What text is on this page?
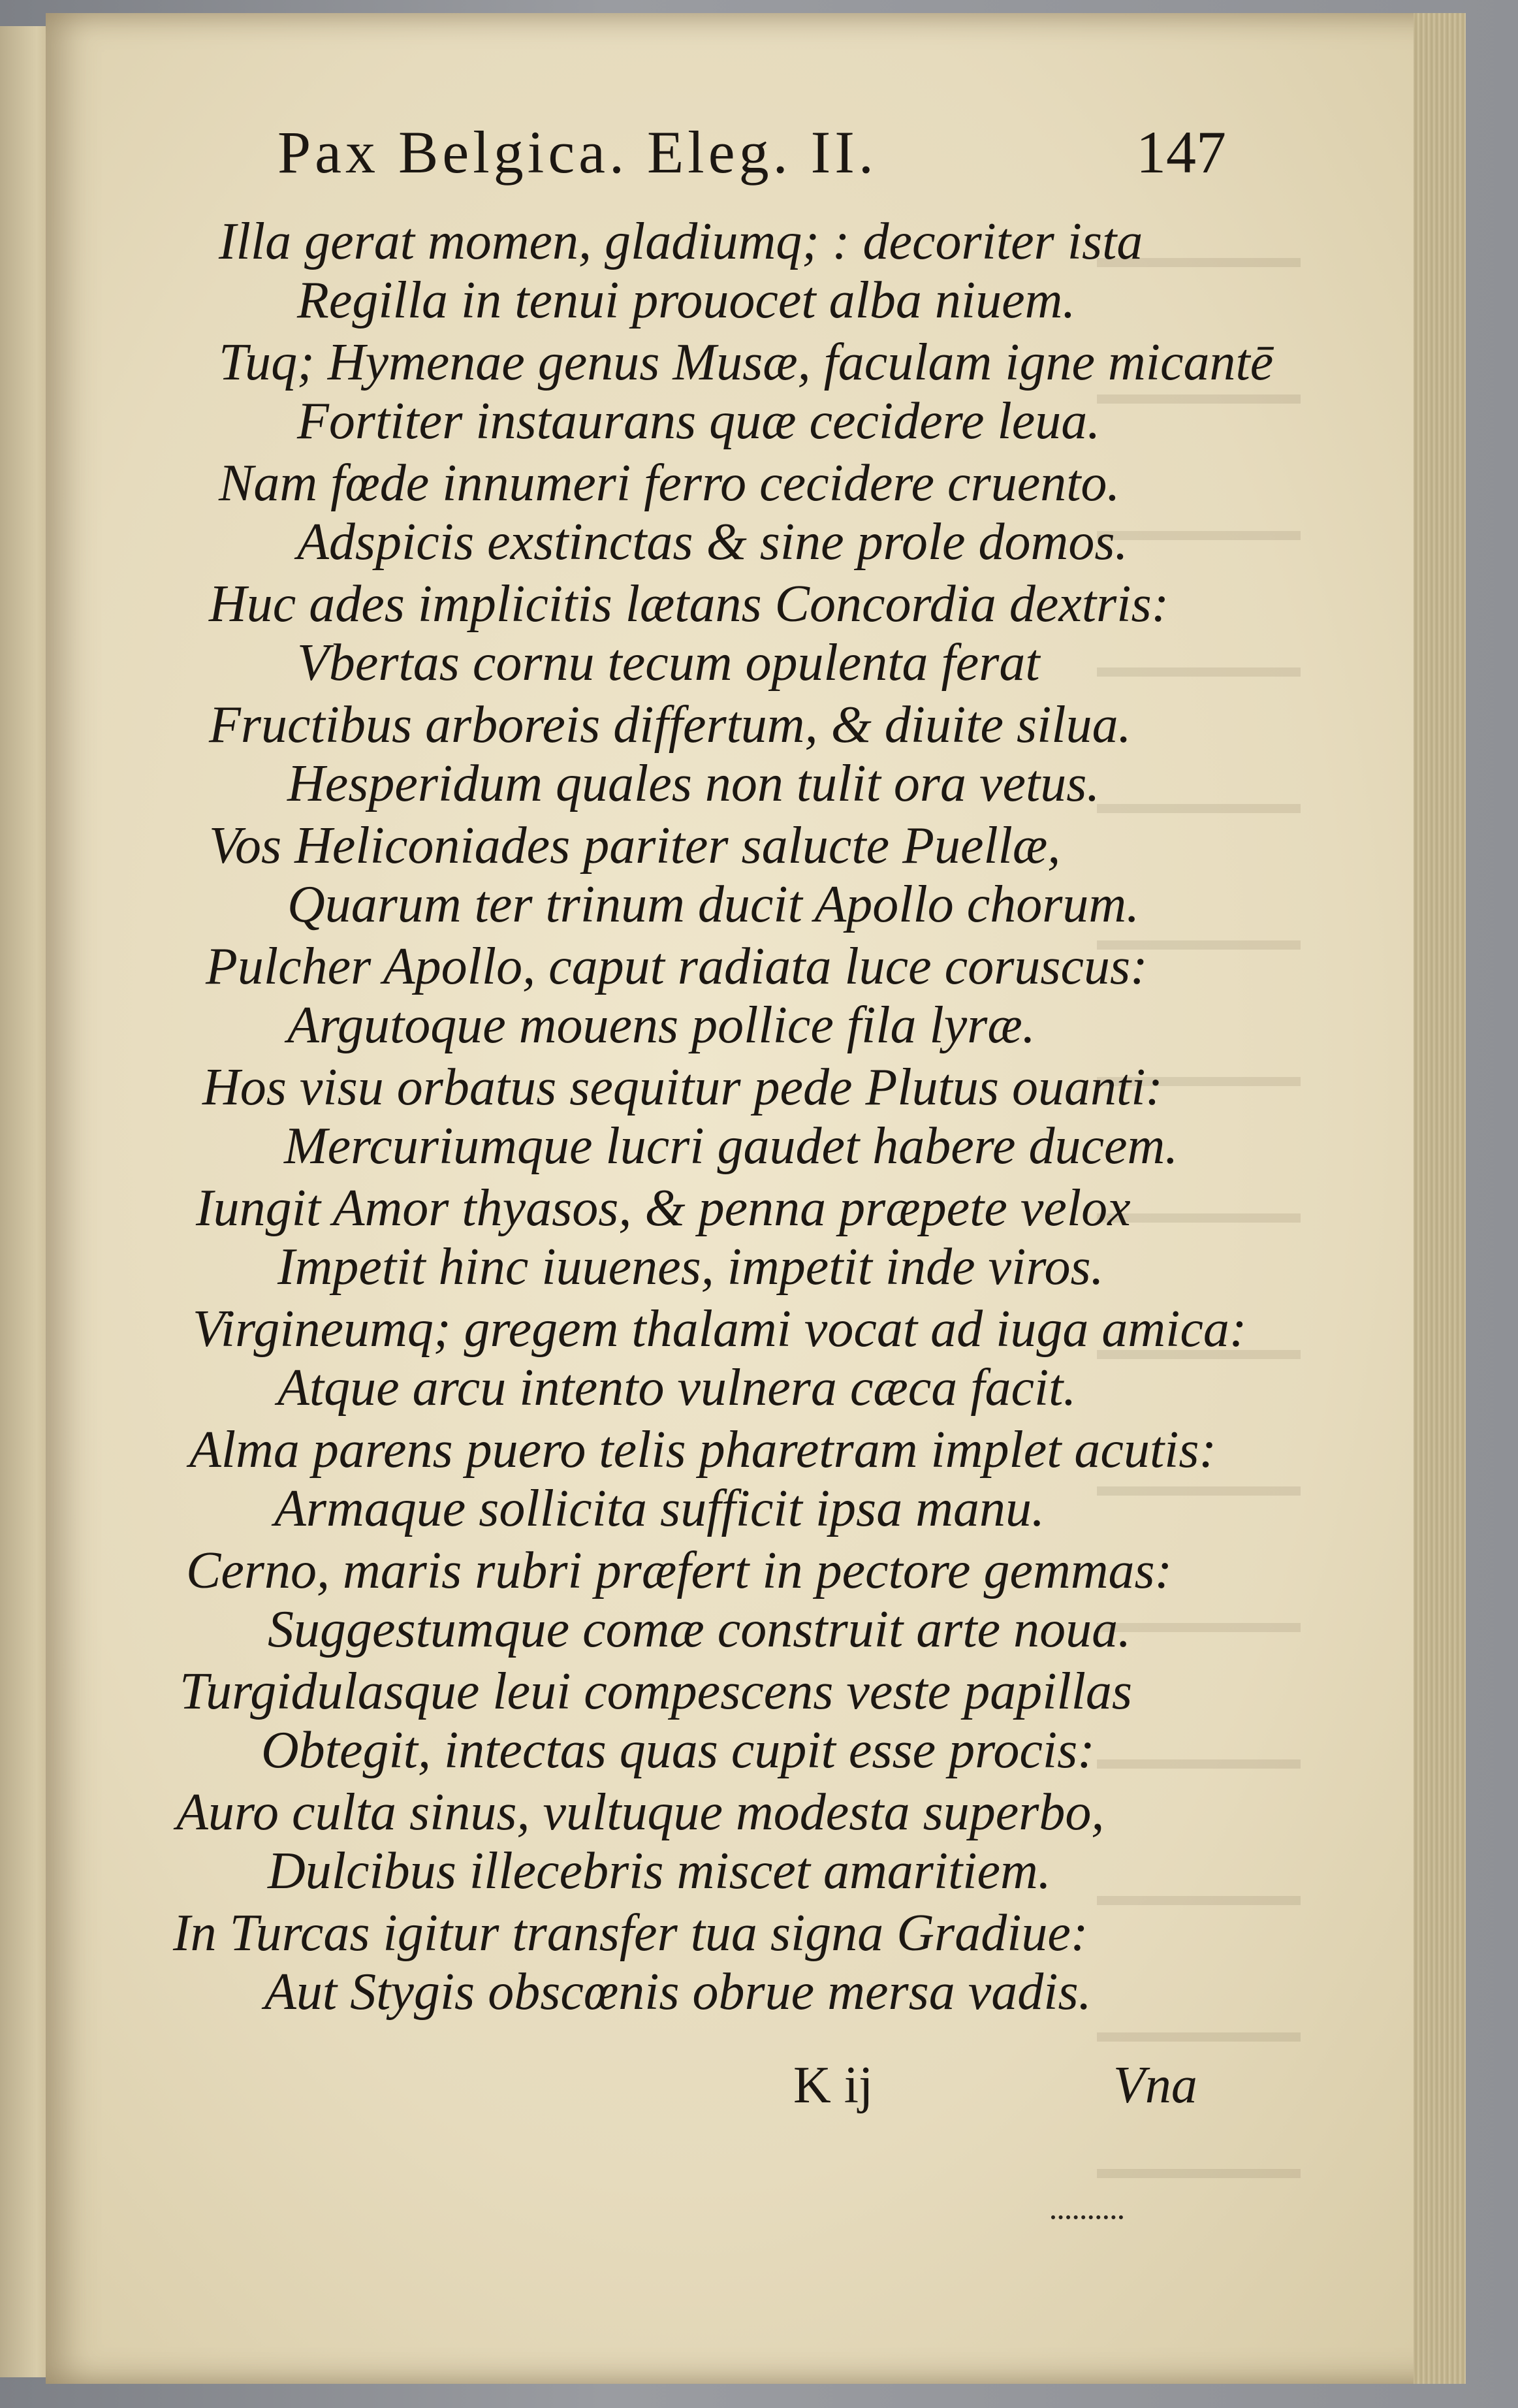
Pax Belgica. Eleg. II.	147
Illa gerat momen, gladiumq; : decoriter ista
Regilla in tenui prouocet alba niuem.
Tuq; Hymenae genus Musæ, faculam igne micantē
Fortiter instaurans quæ cecidere leua.
Nam fœde innumeri ferro cecidere cruento.
Adspicis exstinctas & sine prole domos.
Huc ades implicitis lætans Concordia dextris:
Vbertas cornu tecum opulenta ferat
Fructibus arboreis differtum, & diuite silua.
Hesperidum quales non tulit ora vetus.
Vos Heliconiades pariter salucte Puellæ,
Quarum ter trinum ducit Apollo chorum.
Pulcher Apollo, caput radiata luce coruscus:
Argutoque mouens pollice fila lyræ.
Hos visu orbatus sequitur pede Plutus ouanti:
Mercuriumque lucri gaudet habere ducem.
Iungit Amor thyasos, & penna præpete velox
Impetit hinc iuuenes, impetit inde viros.
Virgineumq; gregem thalami vocat ad iuga amica:
Atque arcu intento vulnera cæca facit.
Alma parens puero telis pharetram implet acutis:
Armaque sollicita sufficit ipsa manu.
Cerno, maris rubri præfert in pectore gemmas:
Suggestumque comæ construit arte noua.
Turgidulasque leui compescens veste papillas
Obtegit, intectas quas cupit esse procis:
Auro culta sinus, vultuque modesta superbo,
Dulcibus illecebris miscet amaritiem.
In Turcas igitur transfer tua signa Gradiue:
Aut Stygis obscœnis obrue mersa vadis.
K ij	Vna
